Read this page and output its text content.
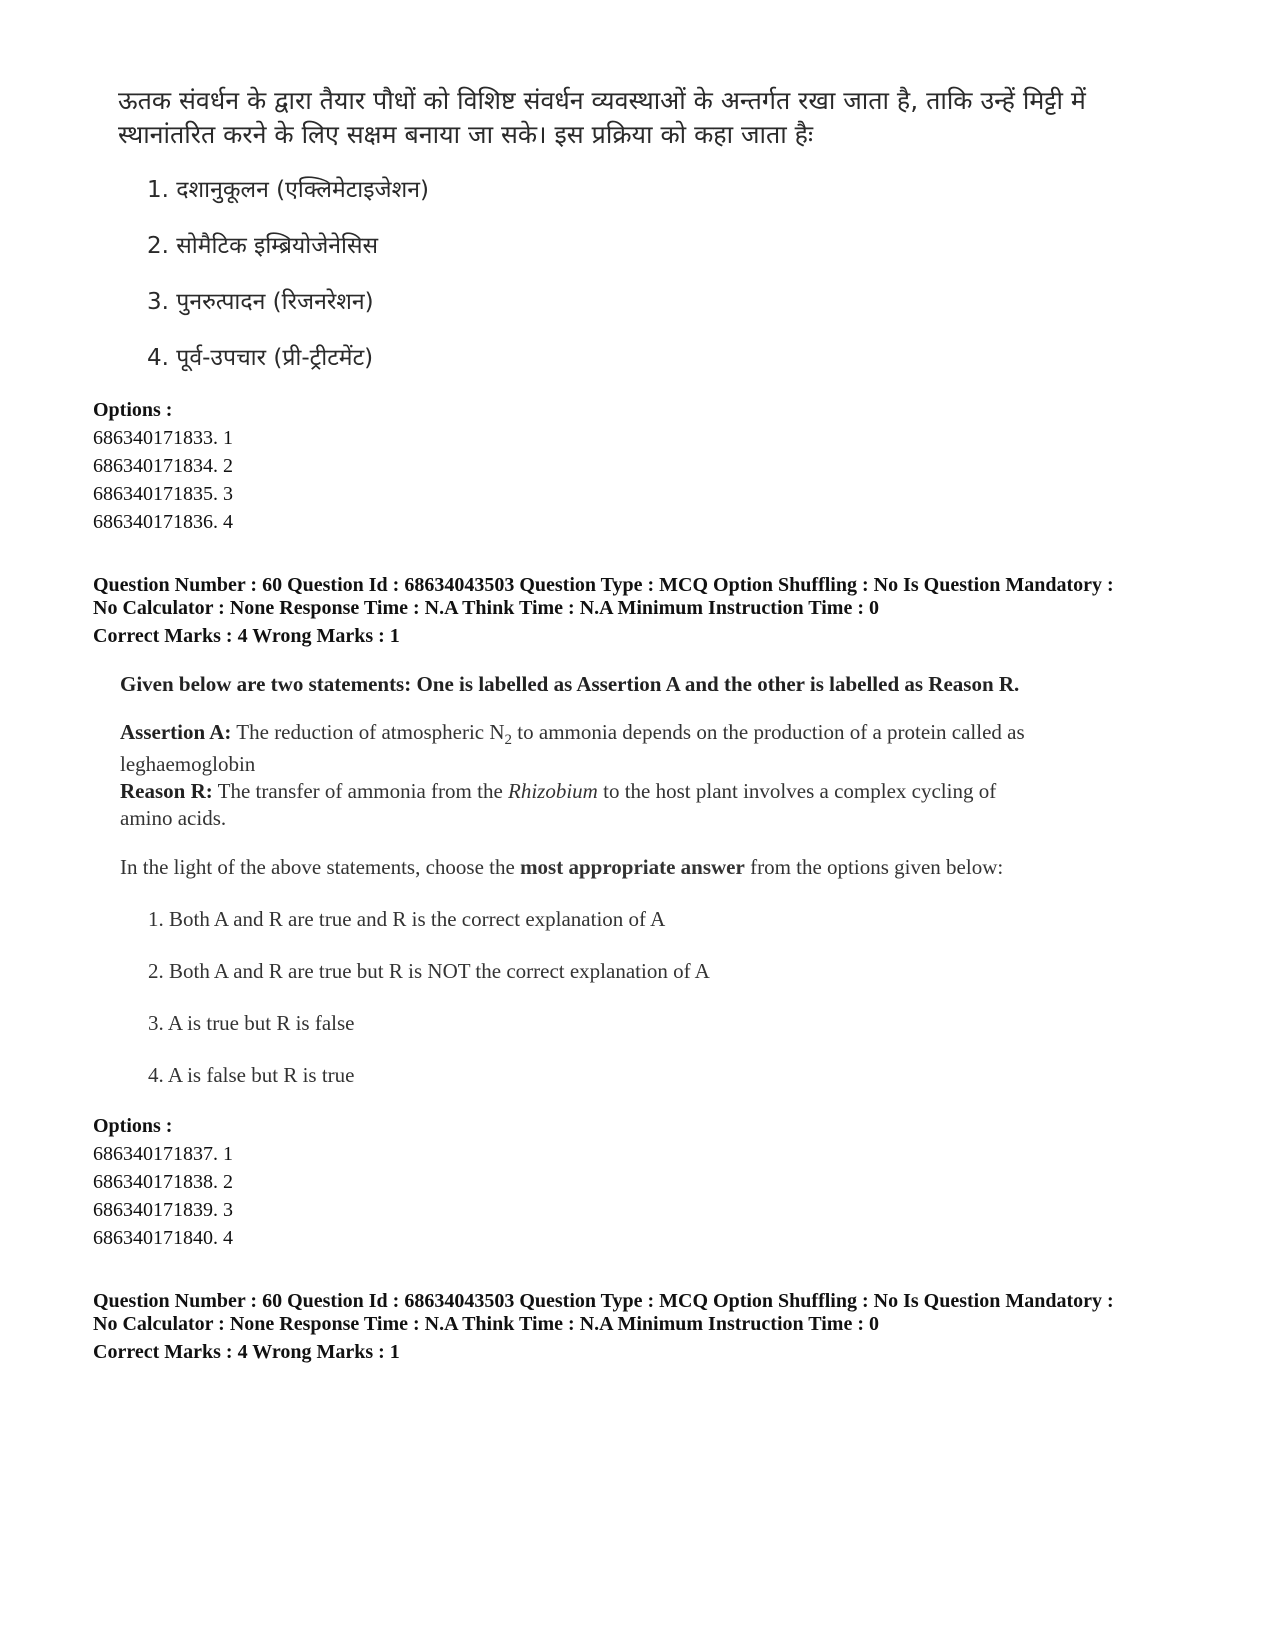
ऊतक संवर्धन के द्वारा तैयार पौधों को विशिष्ट संवर्धन व्यवस्थाओं के अन्तर्गत रखा जाता है, ताकि उन्हें मिट्टी में
स्थानांतरित करने के लिए सक्षम बनाया जा सके। इस प्रक्रिया को कहा जाता हैः
1. दशानुकूलन (एक्लिमेटाइजेशन)
2. सोमैटिक इम्ब्रियोजेनेसिस
3. पुनरुत्पादन (रिजनरेशन)
4. पूर्व-उपचार (प्री-ट्रीटमेंट)
Options :
686340171833. 1
686340171834. 2
686340171835. 3
686340171836. 4
Question Number : 60 Question Id : 68634043503 Question Type : MCQ Option Shuffling : No Is Question Mandatory :
No Calculator : None Response Time : N.A Think Time : N.A Minimum Instruction Time : 0
Correct Marks : 4 Wrong Marks : 1
Given below are two statements: One is labelled as Assertion A and the other is labelled as Reason R.
Assertion A: The reduction of atmospheric $N_2$ to ammonia depends on the production of a protein called as
leghaemoglobin
Reason R: The transfer of ammonia from the Rhizobium to the host plant involves a complex cycling of
amino acids.
In the light of the above statements, choose the most appropriate answer from the options given below:
1. Both A and R are true and R is the correct explanation of A
2. Both A and R are true but R is NOT the correct explanation of A
3. A is true but R is false
4. A is false but R is true
Options :
686340171837. 1
686340171838. 2
686340171839. 3
686340171840. 4
Question Number : 60 Question Id : 68634043503 Question Type : MCQ Option Shuffling : No Is Question Mandatory :
No Calculator : None Response Time : N.A Think Time : N.A Minimum Instruction Time : 0
Correct Marks : 4 Wrong Marks : 1
